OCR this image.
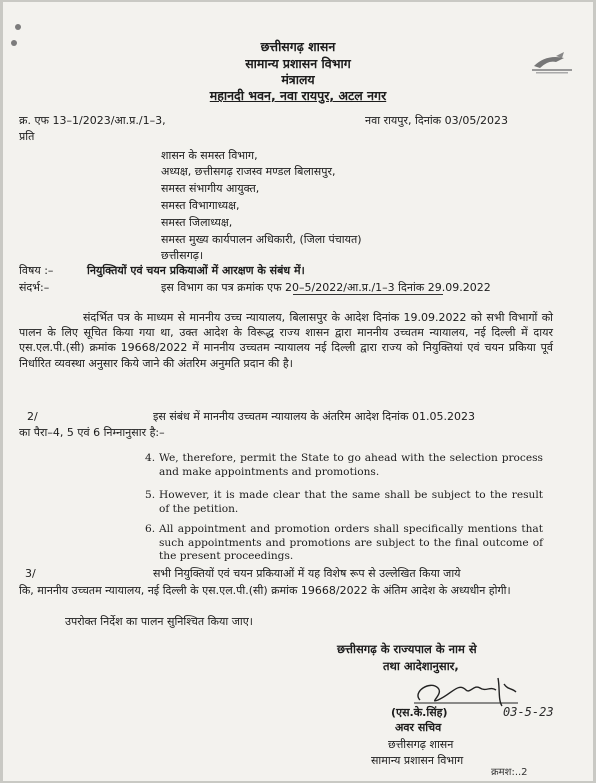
छत्तीसगढ़ शासन
सामान्य प्रशासन विभाग
मंत्रालय
महानदी भवन, नवा रायपुर, अटल नगर
क्र. एफ 13–1/2023/आ.प्र./1–3,	नवा रायपुर, दिनांक 03/05/2023
प्रति
शासन के समस्त विभाग,
अध्यक्ष, छत्तीसगढ़ राजस्व मण्डल बिलासपुर,
समस्त संभागीय आयुक्त,
समस्त विभागाध्यक्ष,
समस्त जिलाध्यक्ष,
समस्त मुख्य कार्यपालन अधिकारी, (जिला पंचायत)
छत्तीसगढ़।
विषय :–	नियुक्तियों एवं चयन प्रकियाओं में आरक्षण के संबंध में।
संदर्भ:–	इस विभाग का पत्र क्रमांक एफ 20–5/2022/आ.प्र./1–3 दिनांक 29.09.2022
संदर्भित पत्र के माध्यम से माननीय उच्च न्यायालय, बिलासपुर के आदेश दिनांक 19.09.2022 को सभी विभागों को पालन के लिए सूचित किया गया था, उक्त आदेश के विरूद्ध राज्य शासन द्वारा माननीय उच्चतम न्यायालय, नई दिल्ली में दायर एस.एल.पी.(सी) क्रमांक 19668/2022 में माननीय उच्चतम न्यायालय नई दिल्ली द्वारा राज्य को नियुक्तियां एवं चयन प्रकिया पूर्व निर्धारित व्यवस्था अनुसार किये जाने की अंतरिम अनुमति प्रदान की है।
2/	इस संबंध में माननीय उच्चतम न्यायालय के अंतरिम आदेश दिनांक 01.05.2023
का पैरा–4, 5 एवं 6 निम्नानुसार है:–
4. We, therefore, permit the State to go ahead with the selection process and make appointments and promotions.
5. However, it is made clear that the same shall be subject to the result of the petition.
6. All appointment and promotion orders shall specifically mentions that such appointments and promotions are subject to the final outcome of the present proceedings.
3/	सभी नियुक्तियों एवं चयन प्रकियाओं में यह विशेष रूप से उल्लेखित किया जाये
कि, माननीय उच्चतम न्यायालय, नई दिल्ली के एस.एल.पी.(सी) क्रमांक 19668/2022 के अंतिम आदेश के अध्यधीन होगी।
उपरोक्त निर्देश का पालन सुनिश्चित किया जाए।
छत्तीसगढ़ के राज्यपाल के नाम से
तथा आदेशानुसार,
03-5-23
(एस.के.सिंह)
अवर सचिव
छत्तीसगढ़ शासन
सामान्य प्रशासन विभाग
क्रमश:..2
